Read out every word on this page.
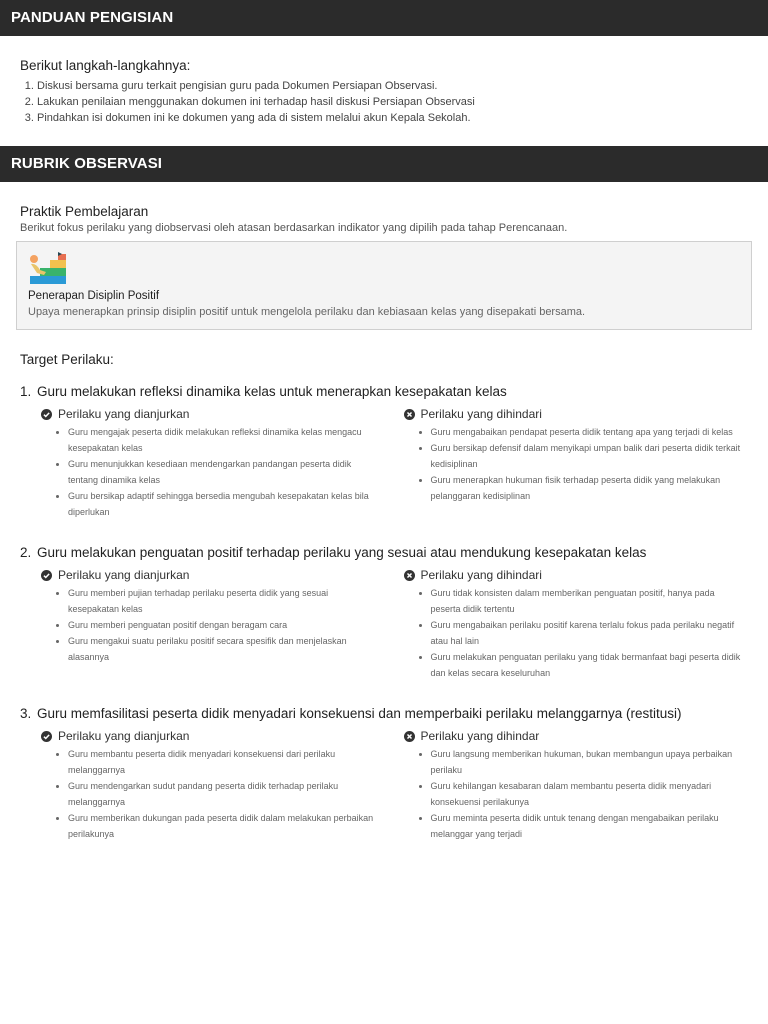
PANDUAN PENGISIAN
Berikut langkah-langkahnya:
1. Diskusi bersama guru terkait pengisian guru pada Dokumen Persiapan Observasi.
2. Lakukan penilaian menggunakan dokumen ini terhadap hasil diskusi Persiapan Observasi
3. Pindahkan isi dokumen ini ke dokumen yang ada di sistem melalui akun Kepala Sekolah.
RUBRIK OBSERVASI
Praktik Pembelajaran
Berikut fokus perilaku yang diobservasi oleh atasan berdasarkan indikator yang dipilih pada tahap Perencanaan.
Penerapan Disiplin Positif
Upaya menerapkan prinsip disiplin positif untuk mengelola perilaku dan kebiasaan kelas yang disepakati bersama.
Target Perilaku:
1. Guru melakukan refleksi dinamika kelas untuk menerapkan kesepakatan kelas
Perilaku yang dianjurkan
• Guru mengajak peserta didik melakukan refleksi dinamika kelas mengacu kesepakatan kelas
• Guru menunjukkan kesediaan mendengarkan pandangan peserta didik tentang dinamika kelas
• Guru bersikap adaptif sehingga bersedia mengubah kesepakatan kelas bila diperlukan
Perilaku yang dihindari
• Guru mengabaikan pendapat peserta didik tentang apa yang terjadi di kelas
• Guru bersikap defensif dalam menyikapi umpan balik dari peserta didik terkait kedisiplinan
• Guru menerapkan hukuman fisik terhadap peserta didik yang melakukan pelanggaran kedisiplinan
2. Guru melakukan penguatan positif terhadap perilaku yang sesuai atau mendukung kesepakatan kelas
Perilaku yang dianjurkan
• Guru memberi pujian terhadap perilaku peserta didik yang sesuai kesepakatan kelas
• Guru memberi penguatan positif dengan beragam cara
• Guru mengakui suatu perilaku positif secara spesifik dan menjelaskan alasannya
Perilaku yang dihindari
• Guru tidak konsisten dalam memberikan penguatan positif, hanya pada peserta didik tertentu
• Guru mengabaikan perilaku positif karena terlalu fokus pada perilaku negatif atau hal lain
• Guru melakukan penguatan perilaku yang tidak bermanfaat bagi peserta didik dan kelas secara keseluruhan
3. Guru memfasilitasi peserta didik menyadari konsekuensi dan memperbaiki perilaku melanggarnya (restitusi)
Perilaku yang dianjurkan
• Guru membantu peserta didik menyadari konsekuensi dari perilaku melanggarnya
• Guru mendengarkan sudut pandang peserta didik terhadap perilaku melanggarnya
• Guru memberikan dukungan pada peserta didik dalam melakukan perbaikan perilakunya
Perilaku yang dihindar
• Guru langsung memberikan hukuman, bukan membangun upaya perbaikan perilaku
• Guru kehilangan kesabaran dalam membantu peserta didik menyadari konsekuensi perilakunya
• Guru meminta peserta didik untuk tenang dengan mengabaikan perilaku melanggar yang terjadi
